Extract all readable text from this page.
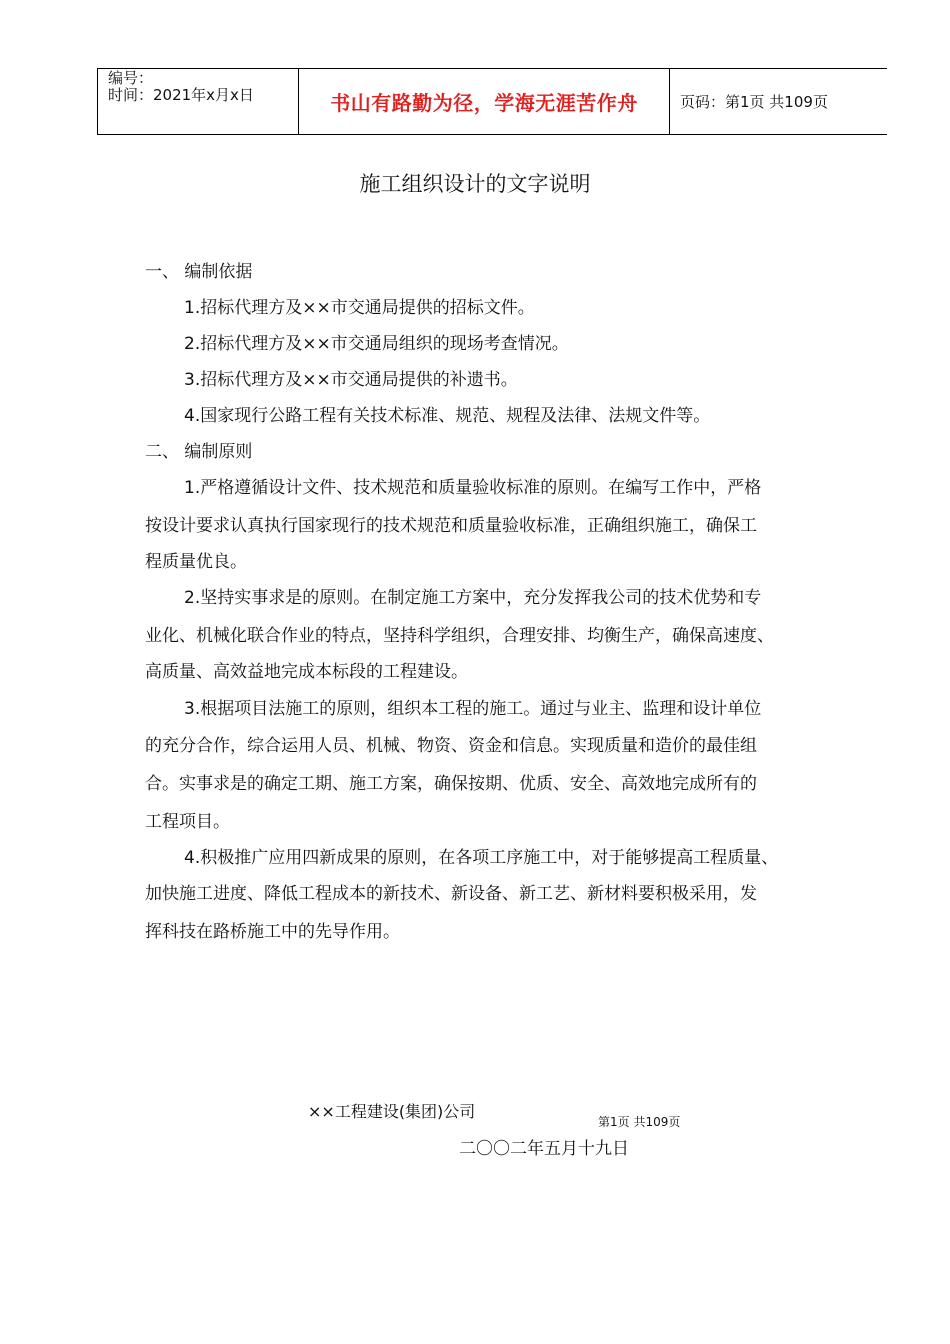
编号：
时间：2021年x月x日	书山有路勤为径，学海无涯苦作舟	页码：第1页 共109页
施工组织设计的文字说明
一、 编制依据
1.招标代理方及××市交通局提供的招标文件。
2.招标代理方及××市交通局组织的现场考查情况。
3.招标代理方及××市交通局提供的补遗书。
4.国家现行公路工程有关技术标准、规范、规程及法律、法规文件等。
二、 编制原则
1.严格遵循设计文件、技术规范和质量验收标准的原则。在编写工作中，严格
按设计要求认真执行国家现行的技术规范和质量验收标准，正确组织施工，确保工
程质量优良。
2.坚持实事求是的原则。在制定施工方案中，充分发挥我公司的技术优势和专
业化、机械化联合作业的特点，坚持科学组织，合理安排、均衡生产，确保高速度、
高质量、高效益地完成本标段的工程建设。
3.根据项目法施工的原则，组织本工程的施工。通过与业主、监理和设计单位
的充分合作，综合运用人员、机械、物资、资金和信息。实现质量和造价的最佳组
合。实事求是的确定工期、施工方案，确保按期、优质、安全、高效地完成所有的
工程项目。
4.积极推广应用四新成果的原则，在各项工序施工中，对于能够提高工程质量、
加快施工进度、降低工程成本的新技术、新设备、新工艺、新材料要积极采用，发
挥科技在路桥施工中的先导作用。
××工程建设(集团)公司
第1页 共109页
二〇〇二年五月十九日
